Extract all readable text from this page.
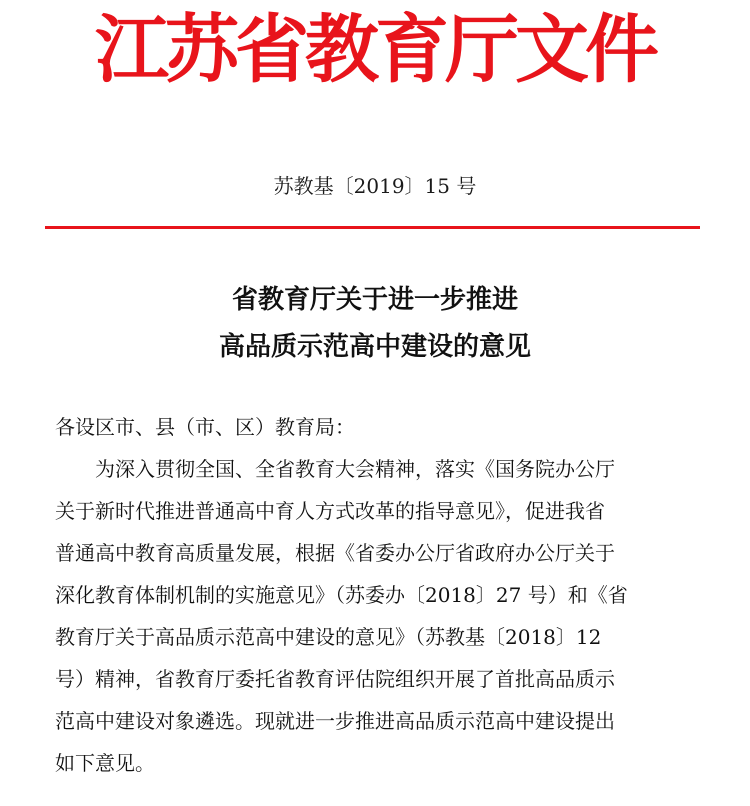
江苏省教育厅文件
苏教基〔2019〕15 号
省教育厅关于进一步推进
高品质示范高中建设的意见
各设区市、县（市、区）教育局：
为深入贯彻全国、全省教育大会精神，落实《国务院办公厅
关于新时代推进普通高中育人方式改革的指导意见》，促进我省
普通高中教育高质量发展，根据《省委办公厅省政府办公厅关于
深化教育体制机制的实施意见》（苏委办〔2018〕27 号）和《省
教育厅关于高品质示范高中建设的意见》（苏教基〔2018〕12
号）精神，省教育厅委托省教育评估院组织开展了首批高品质示
范高中建设对象遴选。现就进一步推进高品质示范高中建设提出
如下意见。
